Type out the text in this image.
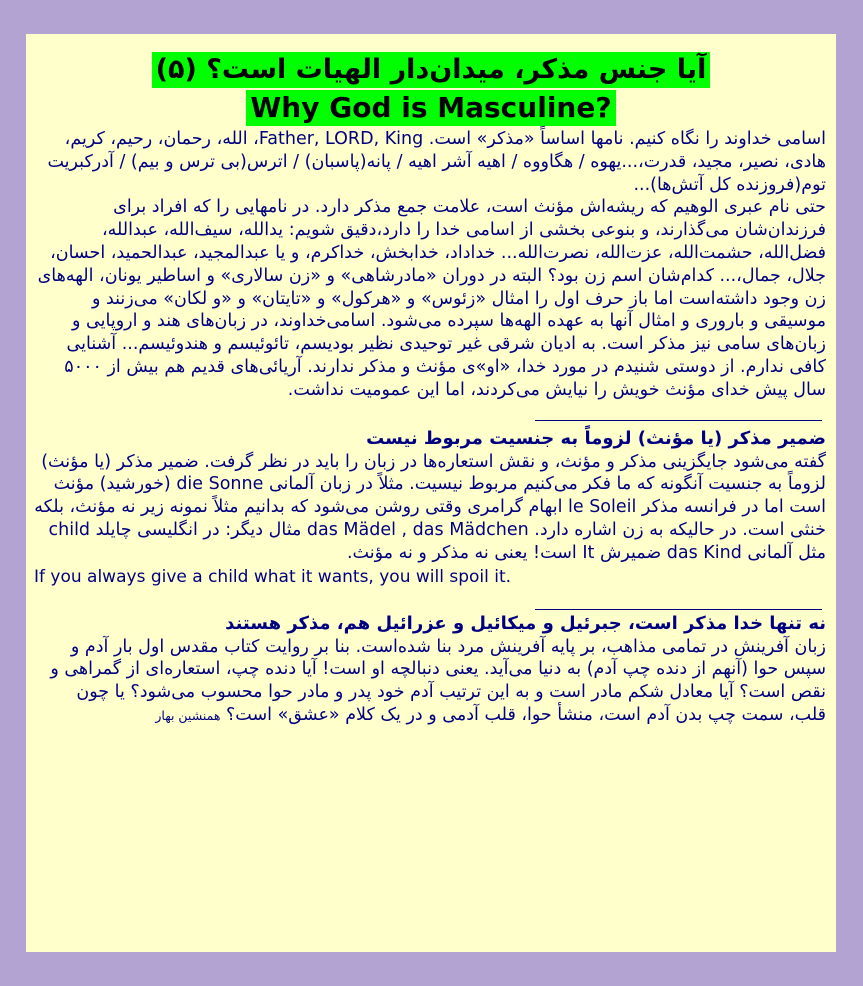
آیا جنس مذکر، میدان‌دار الهیات است؟ (۵)
Why God is Masculine?
اسامی خداوند را نگاه کنیم. نامها اساساً «مذکر» است. Father, LORD, King، الله، رحمان، رحیم، کریم، هادی، نصیر، مجید، قدرت،...یهوه / هگاووه / اهیه آشر اهیه / پانه(پاسبان) / اترس(بی ترس و بیم) / آدرکبریت توم(فروزنده کل آتش‌ها)...
حتی نام عبری الوهیم که ریشه‌اش مؤنث است، علامت جمع مذکر دارد. در نامهایی را که افراد برای فرزندان‌شان می‌گذارند، و بنوعی بخشی از اسامی خدا را دارد،دقیق شویم: یدالله، سیف‌الله، عبدالله، فضل‌الله، حشمت‌الله، عزت‌الله، نصرت‌الله... خداداد، خدابخش، خداکرم، و یا عبدالمجید، عبدالحمید، احسان، جلال، جمال،... کدام‌شان اسم زن بود؟ البته در دوران «مادرشاهی» و «زن سالاری» و اساطیر یونان، الهه‌های زن وجود داشته‌است اما باز حرف اول را امثال «زئوس» و «هرکول» و «تایتان» و «و لکان» می‌زنند و موسیقی و باروری و امثال آنها به عهده الهه‌ها سپرده می‌شود. اسامی‌خداوند، در زبان‌های هند و اروپایی و زبان‌های سامی نیز مذکر است. به ادیان شرقی غیر توحیدی نظیر بودیسم، تائوئیسم و هندوئیسم... آشنایی کافی ندارم. از دوستی شنیدم در مورد خدا، «او»ی مؤنث و مذکر ندارند. آریائی‌های قدیم هم بیش از ۵۰۰۰ سال پیش خدای مؤنث خویش را نیایش می‌کردند، اما این عمومیت نداشت.
ضمیر مذکر (یا مؤنث) لزوماً به جنسیت مربوط نیست
گفته می‌شود جایگزینی مذکر و مؤنث، و نقش استعاره‌ها در زبان را باید در نظر گرفت. ضمیر مذکر (یا مؤنث) لزوماً به جنسیت آنگونه که ما فکر می‌کنیم مربوط نیسیت. مثلاً در زبان آلمانی die Sonne (خورشید) مؤنث است اما در فرانسه مذکر le Soleil ابهام گرامری وقتی روشن می‌شود که بدانیم مثلاً نمونه زیر نه مؤنث، بلکه خنثی است. در حالیکه به زن اشاره دارد. das Mädel , das Mädchen مثال دیگر: در انگلیسی چایلد child مثل آلمانی das Kind ضمیرش It است! یعنی نه مذکر و نه مؤنث.
If you always give a child what it wants, you will spoil it.
نه تنها خدا مذکر است، جبرئیل و میکائیل و عزرائیل هم، مذکر هستند
زبان آفرینش در تمامی مذاهب، بر پایه آفرینش مرد بنا شده‌است. بنا بر روایت کتاب مقدس اول بار آدم و سپس حوا (آنهم از دنده چپ آدم) به دنیا می‌آید. یعنی دنبالچه او است! آیا دنده چپ، استعاره‌ای از گمراهی و نقص است؟ آیا معادل شکم مادر است و به این ترتیب آدم خود پدر و مادر حوا محسوب می‌شود؟ یا چون قلب، سمت چپ بدن آدم است، منشأ حوا، قلب آدمی و در یک کلام «عشق» است؟ همنشین بهار
